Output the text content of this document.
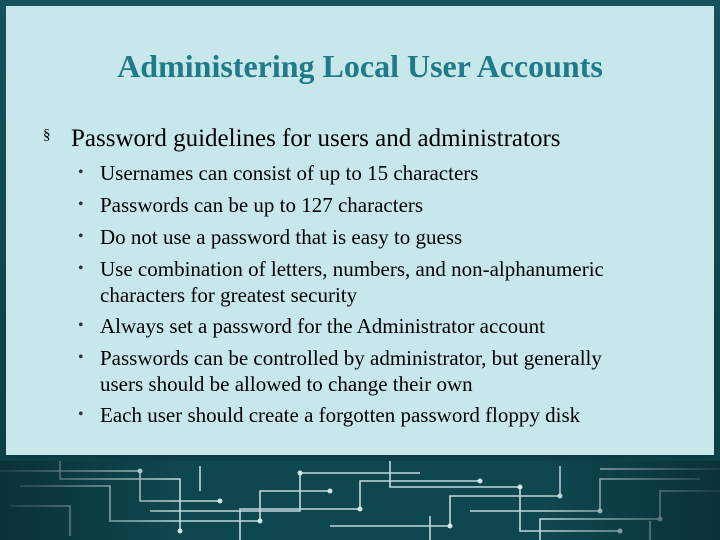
Administering Local User Accounts
§ Password guidelines for users and administrators
• Usernames can consist of up to 15 characters
• Passwords can be up to 127 characters
• Do not use a password that is easy to guess
• Use combination of letters, numbers, and non-alphanumeric
characters for greatest security
• Always set a password for the Administrator account
• Passwords can be controlled by administrator, but generally
users should be allowed to change their own
• Each user should create a forgotten password floppy disk
